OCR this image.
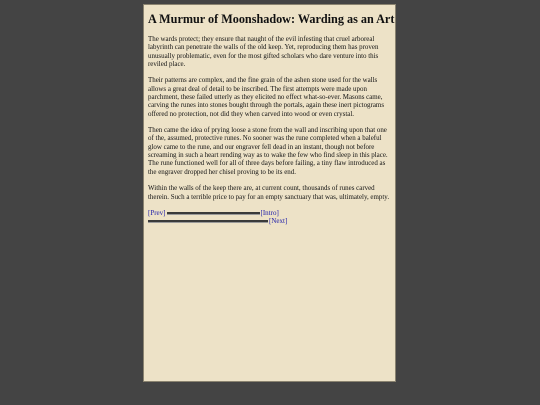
A Murmur of Moonshadow: Warding as an Art

The wards protect; they ensure that naught of the evil infesting that cruel arboreal labyrinth can penetrate the walls of the old keep. Yet, reproducing them has proven unusually problematic, even for the most gifted scholars who dare venture into this reviled place.

Their patterns are complex, and the fine grain of the ashen stone used for the walls allows a great deal of detail to be inscribed. The first attempts were made upon parchment, these failed utterly as they elicited no effect what-so-ever. Masons came, carving the runes into stones bought through the portals, again these inert pictograms offered no protection, not did they when carved into wood or even crystal.

Then came the idea of prying loose a stone from the wall and inscribing upon that one of the, assumed, protective runes. No sooner was the rune completed when a baleful glow came to the rune, and our engraver fell dead in an instant, though not before screaming in such a heart rending way as to wake the few who find sleep in this place. The rune functioned well for all of three days before failing, a tiny flaw introduced as the engraver dropped her chisel proving to be its end.

Within the walls of the keep there are, at current count, thousands of runes carved therein. Such a terrible price to pay for an empty sanctuary that was, ultimately, empty.

[Prev]	[Intro]
[Next]
